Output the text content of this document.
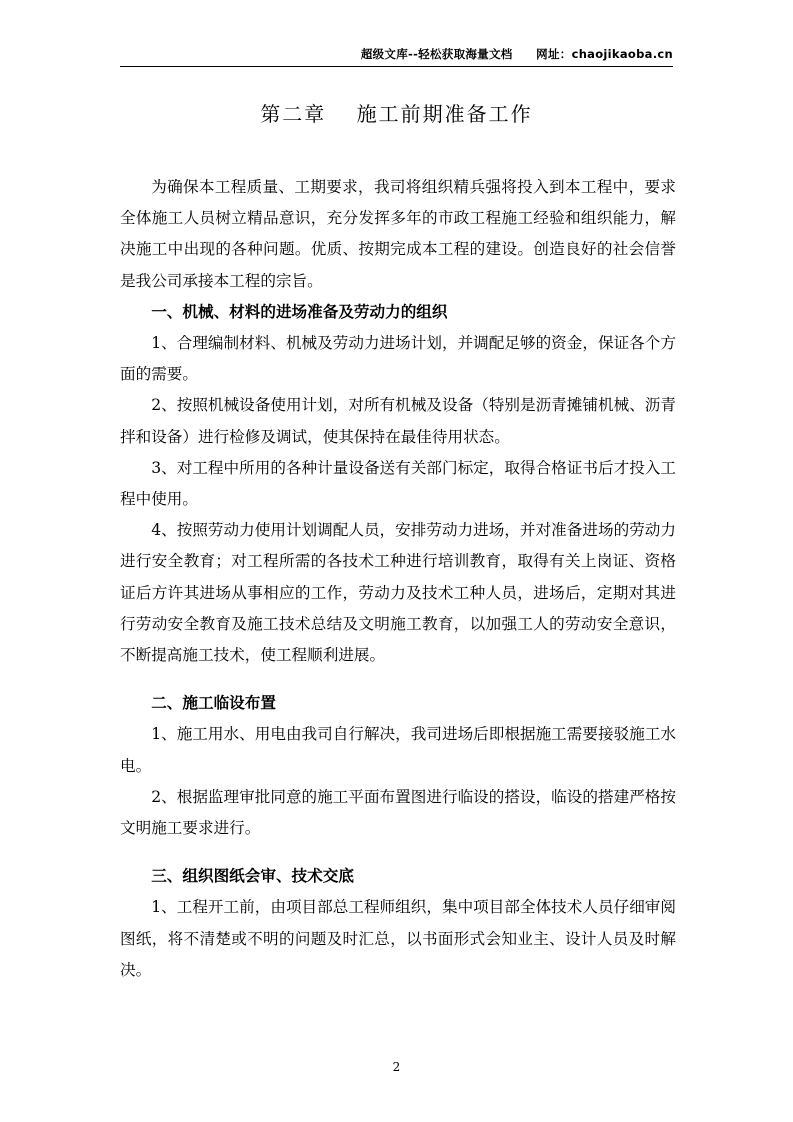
超级文库--轻松获取海量文档　　网址：chaojikaoba.cn
第二章　 施工前期准备工作

为确保本工程质量、工期要求，我司将组织精兵强将投入到本工程中，要求全体施工人员树立精品意识，充分发挥多年的市政工程施工经验和组织能力，解决施工中出现的各种问题。优质、按期完成本工程的建设。创造良好的社会信誉是我公司承接本工程的宗旨。

一、机械、材料的进场准备及劳动力的组织

1、合理编制材料、机械及劳动力进场计划，并调配足够的资金，保证各个方面的需要。

2、按照机械设备使用计划，对所有机械及设备（特别是沥青摊铺机械、沥青拌和设备）进行检修及调试，使其保持在最佳待用状态。

3、对工程中所用的各种计量设备送有关部门标定，取得合格证书后才投入工程中使用。

4、按照劳动力使用计划调配人员，安排劳动力进场，并对准备进场的劳动力进行安全教育；对工程所需的各技术工种进行培训教育，取得有关上岗证、资格证后方许其进场从事相应的工作，劳动力及技术工种人员，进场后，定期对其进行劳动安全教育及施工技术总结及文明施工教育，以加强工人的劳动安全意识，不断提高施工技术，使工程顺利进展。

二、施工临设布置

1、施工用水、用电由我司自行解决，我司进场后即根据施工需要接驳施工水电。

2、根据监理审批同意的施工平面布置图进行临设的搭设，临设的搭建严格按文明施工要求进行。

三、组织图纸会审、技术交底

1、工程开工前，由项目部总工程师组织，集中项目部全体技术人员仔细审阅图纸，将不清楚或不明的问题及时汇总，以书面形式会知业主、设计人员及时解决。

2
